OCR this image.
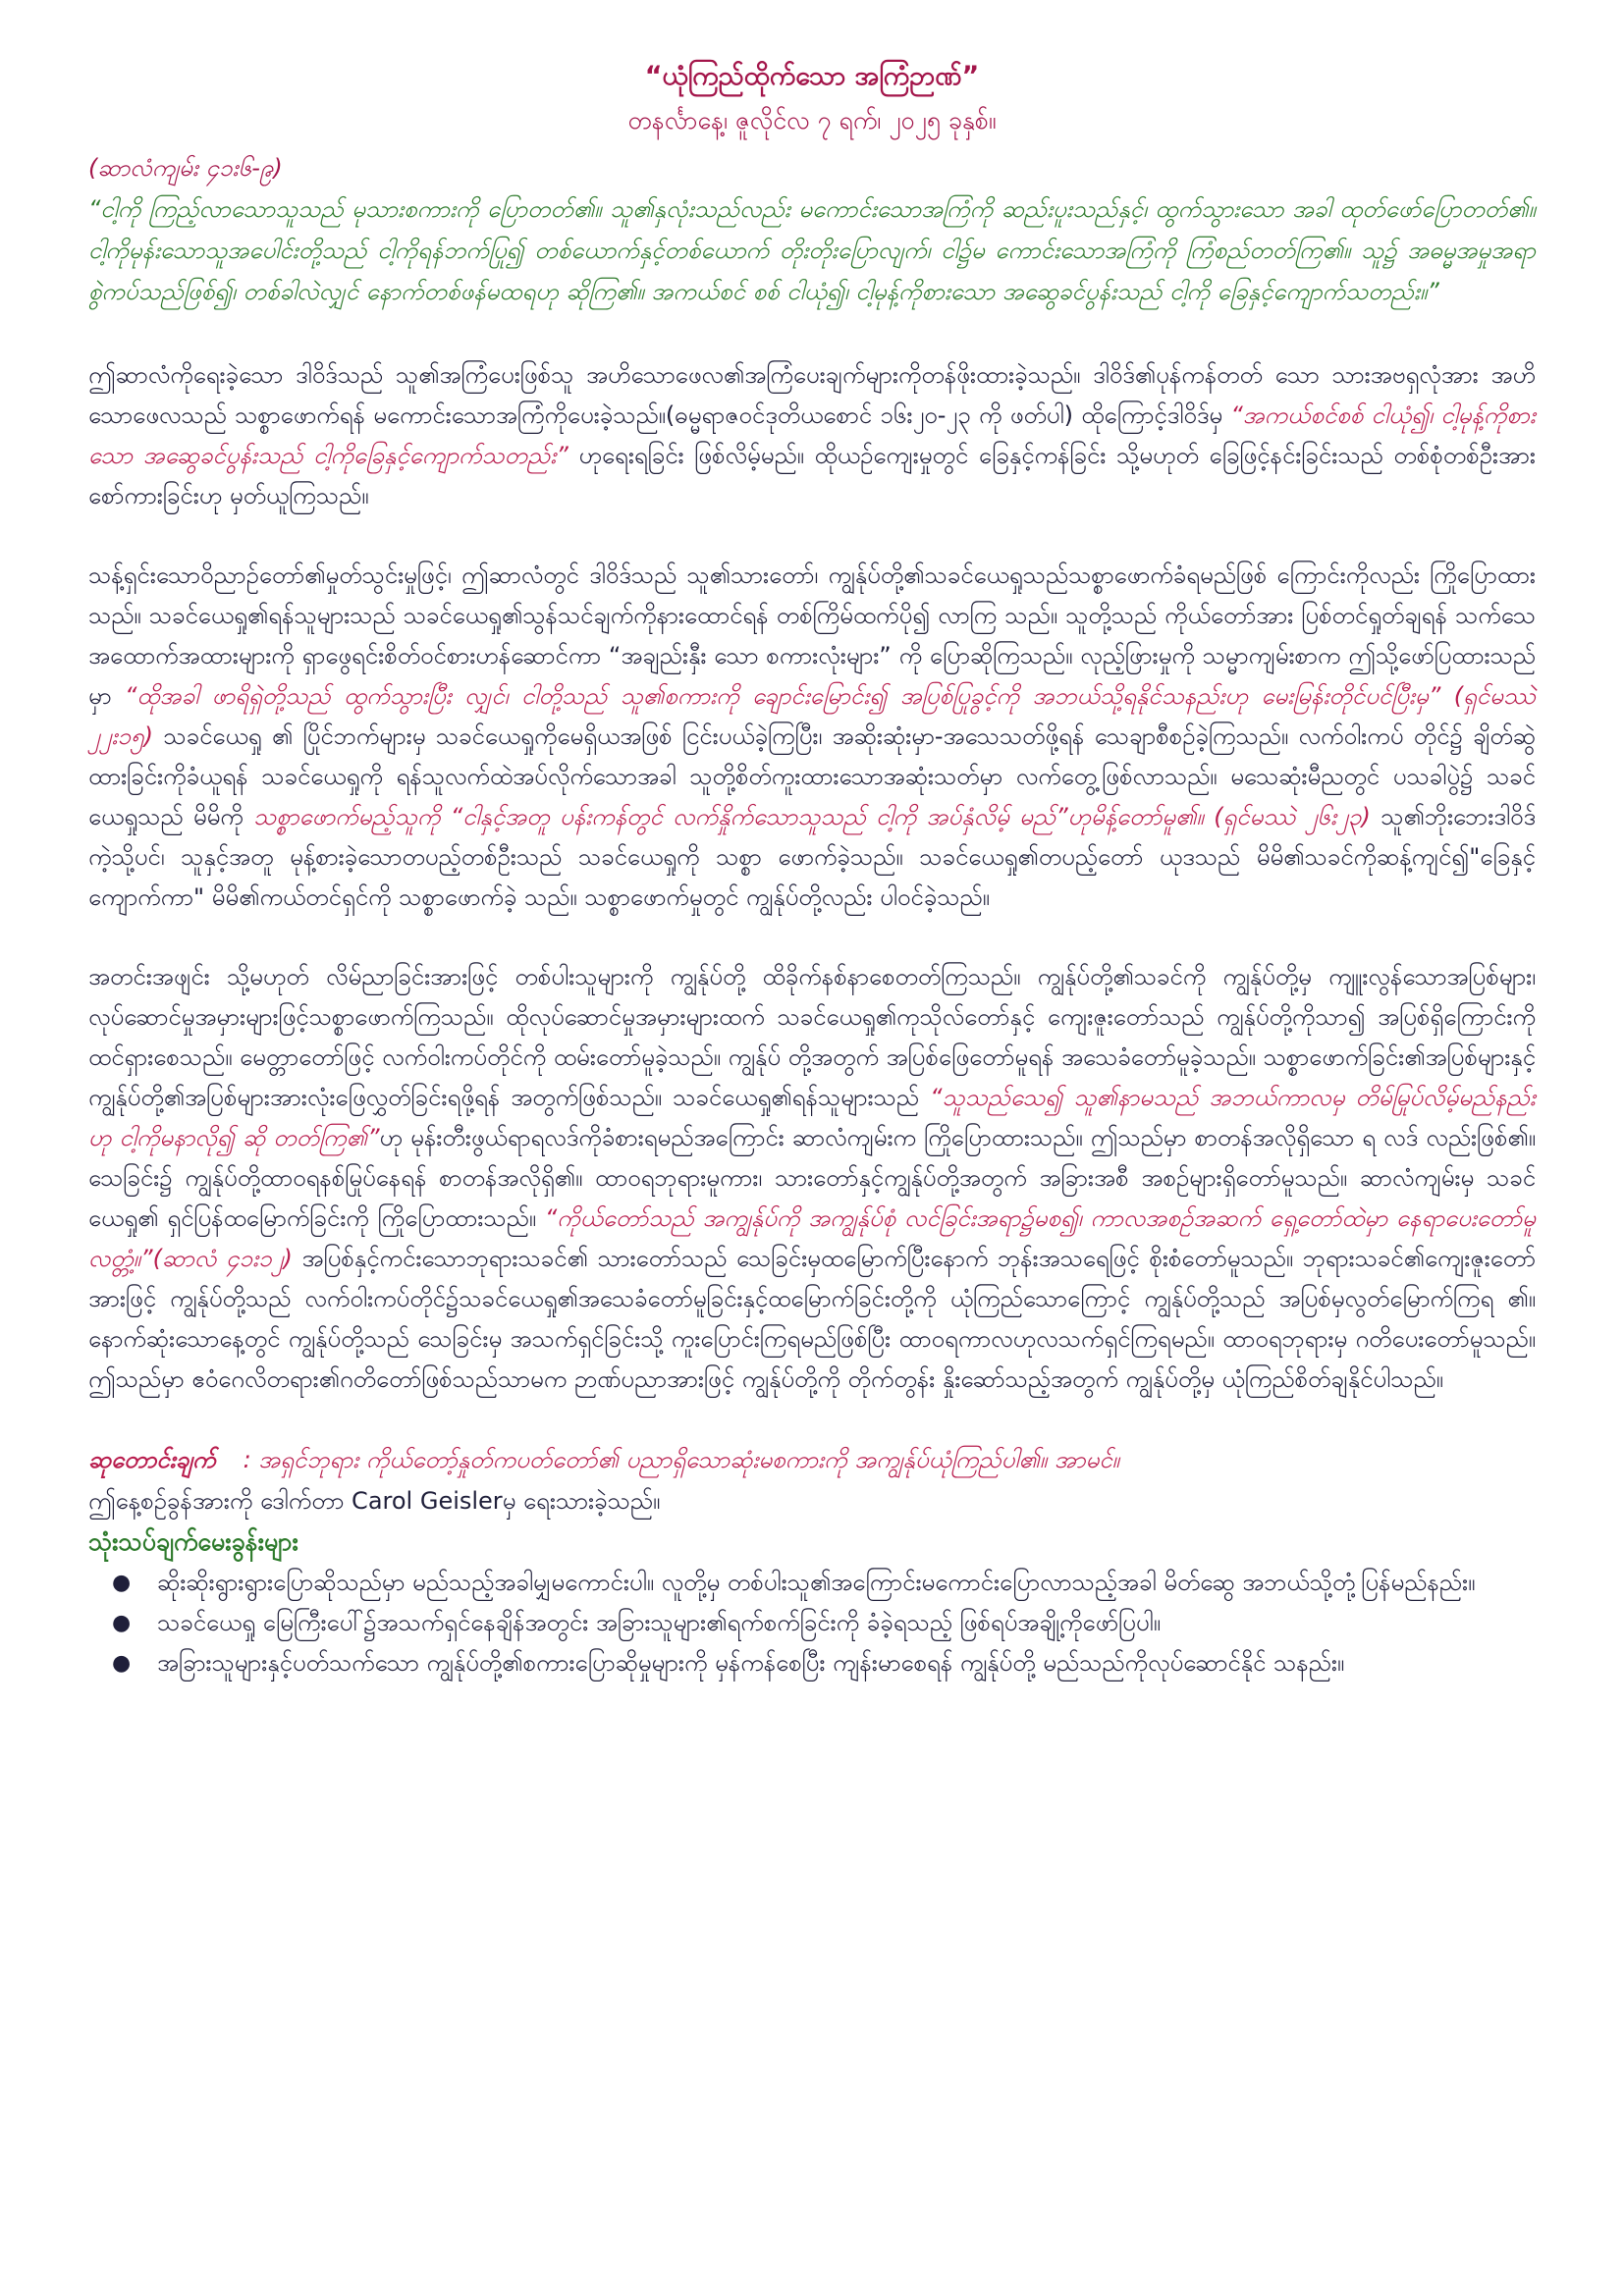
“ယုံကြည်ထိုက်သော အကြံဉာဏ်”

တနင်္လာနေ့၊ ဇူလိုင်လ ၇ ရက်၊ ၂၀၂၅ ခုနှစ်။

(ဆာလံကျမ်း ၄၁း၆-၉)

“ငါ့ကို ကြည့်လာသောသူသည် မုသားစကားကို ပြောတတ်၏။ သူ၏နှလုံးသည်လည်း မကောင်းသောအကြံကို ဆည်းပူးသည်နှင့်၊ ထွက်သွားသော အခါ ထုတ်ဖော်ပြောတတ်၏။ ငါ့ကိုမုန်းသောသူအပေါင်းတို့သည် ငါ့ကိုရန်ဘက်ပြု၍ တစ်ယောက်နှင့်တစ်ယောက် တိုးတိုးပြောလျက်၊ ငါ၌မ ကောင်းသောအကြံကို ကြံစည်တတ်ကြ၏။ သူ၌ အဓမ္မအမှုအရာစွဲကပ်သည်ဖြစ်၍၊ တစ်ခါလဲလျှင် နောက်တစ်ဖန်မထရဟု ဆိုကြ၏။ အကယ်စင် စစ် ငါယုံ၍၊ ငါ့မုန့်ကိုစားသော အဆွေခင်ပွန်းသည် ငါ့ကို ခြေနှင့်ကျောက်သတည်း။”

ဤဆာလံကိုရေးခဲ့သော ဒါဝိဒ်သည် သူ၏အကြံပေးဖြစ်သူ အဟိသောဖေလ၏အကြံပေးချက်များကိုတန်ဖိုးထားခဲ့သည်။ ဒါဝိဒ်၏ပုန်ကန်တတ် သော သားအဗရှလုံအား အဟိသောဖေလသည် သစ္စာဖောက်ရန် မကောင်းသောအကြံကိုပေးခဲ့သည်။(ဓမ္မရာဇဝင်ဒုတိယစောင် ၁၆း၂၀-၂၃ ကို ဖတ်ပါ) ထိုကြောင့်ဒါဝိဒ်မှ “အကယ်စင်စစ် ငါယုံ၍၊ ငါ့မုန့်ကိုစားသော အဆွေခင်ပွန်းသည် ငါ့ကိုခြေနှင့်ကျောက်သတည်း” ဟုရေးရခြင်း ဖြစ်လိမ့်မည်။ ထိုယဉ်ကျေးမှုတွင် ခြေနှင့်ကန်ခြင်း သို့မဟုတ် ခြေဖြင့်နင်းခြင်းသည် တစ်စုံတစ်ဦးအား စော်ကားခြင်းဟု မှတ်ယူကြသည်။

သန့်ရှင်းသောဝိညာဉ်တော်၏မှုတ်သွင်းမှုဖြင့်၊ ဤဆာလံတွင် ဒါဝိဒ်သည် သူ၏သားတော်၊ ကျွန်ုပ်တို့၏သခင်ယေရှုသည်သစ္စာဖောက်ခံရမည်ဖြစ် ကြောင်းကိုလည်း ကြိုပြောထားသည်။ သခင်ယေရှု၏ရန်သူများသည် သခင်ယေရှု၏သွန်သင်ချက်ကိုနားထောင်ရန် တစ်ကြိမ်ထက်ပို၍ လာကြ သည်။ သူတို့သည် ကိုယ်တော်အား ပြစ်တင်ရှုတ်ချရန် သက်သေအထောက်အထားများကို ရှာဖွေရင်းစိတ်ဝင်စားဟန်ဆောင်ကာ “အချည်းနှီး သော စကားလုံးများ” ကို ပြောဆိုကြသည်။ လုည့်ဖြားမှုကို သမ္မာကျမ်းစာက ဤသို့ဖော်ပြထားသည်မှာ “ထိုအခါ ဖာရိရှဲတို့သည် ထွက်သွားပြီး လျှင်၊ ငါတို့သည် သူ၏စကားကို ချောင်းမြောင်း၍ အပြစ်ပြုခွင့်ကို အဘယ်သို့ရနိုင်သနည်းဟု မေးမြန်းတိုင်ပင်ပြီးမှ” (ရှင်မဿဲ ၂၂း၁၅) သခင်ယေရှု ၏ ပြိုင်ဘက်များမှ သခင်ယေရှုကိုမေရှိယအဖြစ် ငြင်းပယ်ခဲ့ကြပြီး၊ အဆိုးဆုံးမှာ-အသေသတ်ဖို့ရန် သေချာစီစဉ်ခဲ့ကြသည်။ လက်ဝါးကပ် တိုင်၌ ချိတ်ဆွဲထားခြင်းကိုခံယူရန် သခင်ယေရှုကို ရန်သူလက်ထဲအပ်လိုက်သောအခါ သူတို့စိတ်ကူးထားသောအဆုံးသတ်မှာ လက်တွေ့ဖြစ်လာသည်။ မသေဆုံးမီညတွင် ပသခါပွဲ၌ သခင်ယေရှုသည် မိမိကို သစ္စာဖောက်မည့်သူကို “ငါနှင့်အတူ ပန်းကန်တွင် လက်နှိုက်သောသူသည် ငါ့ကို အပ်နှံလိမ့် မည်”ဟုမိန့်တော်မူ၏။ (ရှင်မဿဲ ၂၆း၂၃) သူ၏ဘိုးဘေးဒါဝိဒ်ကဲ့သို့ပင်၊ သူနှင့်အတူ မုန့်စားခဲ့သောတပည့်တစ်ဦးသည် သခင်ယေရှုကို သစ္စာ ဖောက်ခဲ့သည်။ သခင်ယေရှု၏တပည့်တော် ယုဒသည် မိမိ၏သခင်ကိုဆန့်ကျင်၍"ခြေနှင့်ကျောက်ကာ" မိမိ၏ကယ်တင်ရှင်ကို သစ္စာဖောက်ခဲ့ သည်။ သစ္စာဖောက်မှုတွင် ကျွန်ုပ်တို့လည်း ပါဝင်ခဲ့သည်။

အတင်းအဖျင်း သို့မဟုတ် လိမ်ညာခြင်းအားဖြင့် တစ်ပါးသူများကို ကျွန်ုပ်တို့ ထိခိုက်နစ်နာစေတတ်ကြသည်။ ကျွန်ုပ်တို့၏သခင်ကို ကျွန်ုပ်တို့မှ ကျူးလွန်သောအပြစ်များ၊ လုပ်ဆောင်မှုအမှားများဖြင့်သစ္စာဖောက်ကြသည်။ ထိုလုပ်ဆောင်မှုအမှားများထက် သခင်ယေရှု၏ကုသိုလ်တော်နှင့် ကျေးဇူးတော်သည် ကျွန်ုပ်တို့ကိုသာ၍ အပြစ်ရှိကြောင်းကို ထင်ရှားစေသည်။ မေတ္တာတော်ဖြင့် လက်ဝါးကပ်တိုင်ကို ထမ်းတော်မူခဲ့သည်။ ကျွန်ုပ် တို့အတွက် အပြစ်ဖြေတော်မူရန် အသေခံတော်မူခဲ့သည်။ သစ္စာဖောက်ခြင်း၏အပြစ်များနှင့် ကျွန်ုပ်တို့၏အပြစ်များအားလုံးဖြေလွှတ်ခြင်းရဖို့ရန် အတွက်ဖြစ်သည်။ သခင်ယေရှု၏ရန်သူများသည် “သူသည်သေ၍ သူ၏နာမသည် အဘယ်ကာလမှ တိမ်မြုပ်လိမ့်မည်နည်းဟု ငါ့ကိုမနာလို၍ ဆို တတ်ကြ၏”ဟု မုန်းတီးဖွယ်ရာရလဒ်ကိုခံစားရမည်အကြောင်း ဆာလံကျမ်းက ကြိုပြောထားသည်။ ဤသည်မှာ စာတန်အလိုရှိသော ရ လဒ် လည်းဖြစ်၏။ သေခြင်း၌ ကျွန်ုပ်တို့ထာဝရနစ်မြုပ်နေရန် စာတန်အလိုရှိ၏။ ထာဝရဘုရားမူကား၊ သားတော်နှင့်ကျွန်ုပ်တို့အတွက် အခြားအစီ အစဉ်များရှိတော်မူသည်။ ဆာလံကျမ်းမှ သခင်ယေရှု၏ ရှင်ပြန်ထမြောက်ခြင်းကို ကြိုပြောထားသည်။ “ကိုယ်တော်သည် အကျွန်ုပ်ကို အကျွန်ုပ်စုံ လင်ခြင်းအရာ၌မစ၍၊ ကာလအစဉ်အဆက် ရှေ့တော်ထဲမှာ နေရာပေးတော်မူလတ္တံ့။”(ဆာလံ ၄၁း၁၂) အပြစ်နှင့်ကင်းသောဘုရားသခင်၏ သားတော်သည် သေခြင်းမှထမြောက်ပြီးနောက် ဘုန်းအသရေဖြင့် စိုးစံတော်မူသည်။ ဘုရားသခင်၏ကျေးဇူးတော်အားဖြင့် ကျွန်ုပ်တို့သည် လက်ဝါးကပ်တိုင်၌သခင်ယေရှု၏အသေခံတော်မူခြင်းနှင့်ထမြောက်ခြင်းတို့ကို ယုံကြည်သောကြောင့် ကျွန်ုပ်တို့သည် အပြစ်မှလွတ်မြောက်ကြရ ၏။ နောက်ဆုံးသောနေ့တွင် ကျွန်ုပ်တို့သည် သေခြင်းမှ အသက်ရှင်ခြင်းသို့ ကူးပြောင်းကြရမည်ဖြစ်ပြီး ထာဝရကာလဟုလသက်ရှင်ကြရမည်။ ထာဝရဘုရားမှ ဂတိပေးတော်မူသည်။ ဤသည်မှာ ဧဝံဂေလိတရား၏ဂတိတော်ဖြစ်သည်သာမက ဉာဏ်ပညာအားဖြင့် ကျွန်ုပ်တို့ကို တိုက်တွန်း နှိုးဆော်သည့်အတွက် ကျွန်ုပ်တို့မှ ယုံကြည်စိတ်ချနိုင်ပါသည်။

ဆုတောင်းချက် : အရှင်ဘုရား ကိုယ်တော့်နှုတ်ကပတ်တော်၏ ပညာရှိသောဆုံးမစကားကို အကျွန်ုပ်ယုံကြည်ပါ၏။ အာမင်။

ဤနေ့စဉ်ခွန်အားကို ဒေါက်တာ Carol Geislerမှ ရေးသားခဲ့သည်။

သုံးသပ်ချက်မေးခွန်းများ

● ဆိုးဆိုးရွားရွားပြောဆိုသည်မှာ မည်သည့်အခါမျှမကောင်းပါ။ လူတို့မှ တစ်ပါးသူ၏အကြောင်းမကောင်းပြောလာသည့်အခါ မိတ်ဆွေ အဘယ်သို့တုံ့ပြန်မည်နည်း။
● သခင်ယေရှု မြေကြီးပေါ်၌အသက်ရှင်နေချိန်အတွင်း အခြားသူများ၏ရက်စက်ခြင်းကို ခံခဲ့ရသည့် ဖြစ်ရပ်အချို့ကိုဖော်ပြပါ။
● အခြားသူများနှင့်ပတ်သက်သော ကျွန်ုပ်တို့၏စကားပြောဆိုမှုများကို မှန်ကန်စေပြီး ကျန်းမာစေရန် ကျွန်ုပ်တို့ မည်သည်ကိုလုပ်ဆောင်နိုင် သနည်း။
